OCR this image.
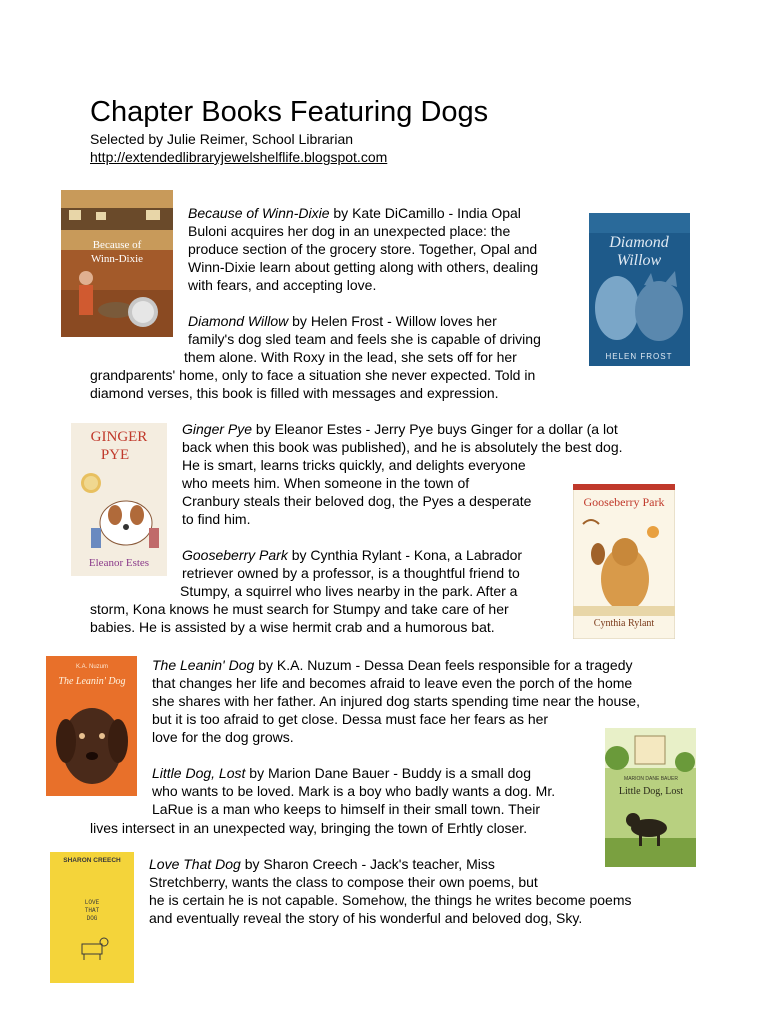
Chapter Books Featuring Dogs
Selected by Julie Reimer, School Librarian
http://extendedlibraryjewelshelflife.blogspot.com
Because of
Winn-Dixie
Because of Winn-Dixie by Kate DiCamillo - India Opal
Buloni acquires her dog in an unexpected place: the
produce section of the grocery store. Together, Opal and
Winn-Dixie learn about getting along with others, dealing
with fears, and accepting love.
Diamond
Willow
HELEN FROST
Diamond Willow by Helen Frost - Willow loves her
family's dog sled team and feels she is capable of driving
them alone. With Roxy in the lead, she sets off for her
grandparents' home, only to face a situation she never expected. Told in
diamond verses, this book is filled with messages and expression.
GINGER
PYE
Eleanor Estes
Ginger Pye by Eleanor Estes - Jerry Pye buys Ginger for a dollar (a lot
back when this book was published), and he is absolutely the best dog.
He is smart, learns tricks quickly, and delights everyone
who meets him. When someone in the town of
Cranbury steals their beloved dog, the Pyes a desperate
to find him.
Gooseberry Park
Cynthia Rylant
Gooseberry Park by Cynthia Rylant - Kona, a Labrador
retriever owned by a professor, is a thoughtful friend to
Stumpy, a squirrel who lives nearby in the park. After a
storm, Kona knows he must search for Stumpy and take care of her
babies. He is assisted by a wise hermit crab and a humorous bat.
K.A. Nuzum
The Leanin' Dog
The Leanin' Dog by K.A. Nuzum - Dessa Dean feels responsible for a tragedy
that changes her life and becomes afraid to leave even the porch of the home
she shares with her father. An injured dog starts spending time near the house,
but it is too afraid to get close. Dessa must face her fears as her
love for the dog grows.
MARION DANE BAUER
Little Dog, Lost
Little Dog, Lost by Marion Dane Bauer - Buddy is a small dog
who wants to be loved. Mark is a boy who badly wants a dog. Mr.
LaRue is a man who keeps to himself in their small town. Their
lives intersect in an unexpected way, bringing the town of Erhtly closer.
SHARON CREECH
LOVE
THAT
DOG
Love That Dog by Sharon Creech - Jack's teacher, Miss
Stretchberry, wants the class to compose their own poems, but
he is certain he is not capable. Somehow, the things he writes become poems
and eventually reveal the story of his wonderful and beloved dog, Sky.
